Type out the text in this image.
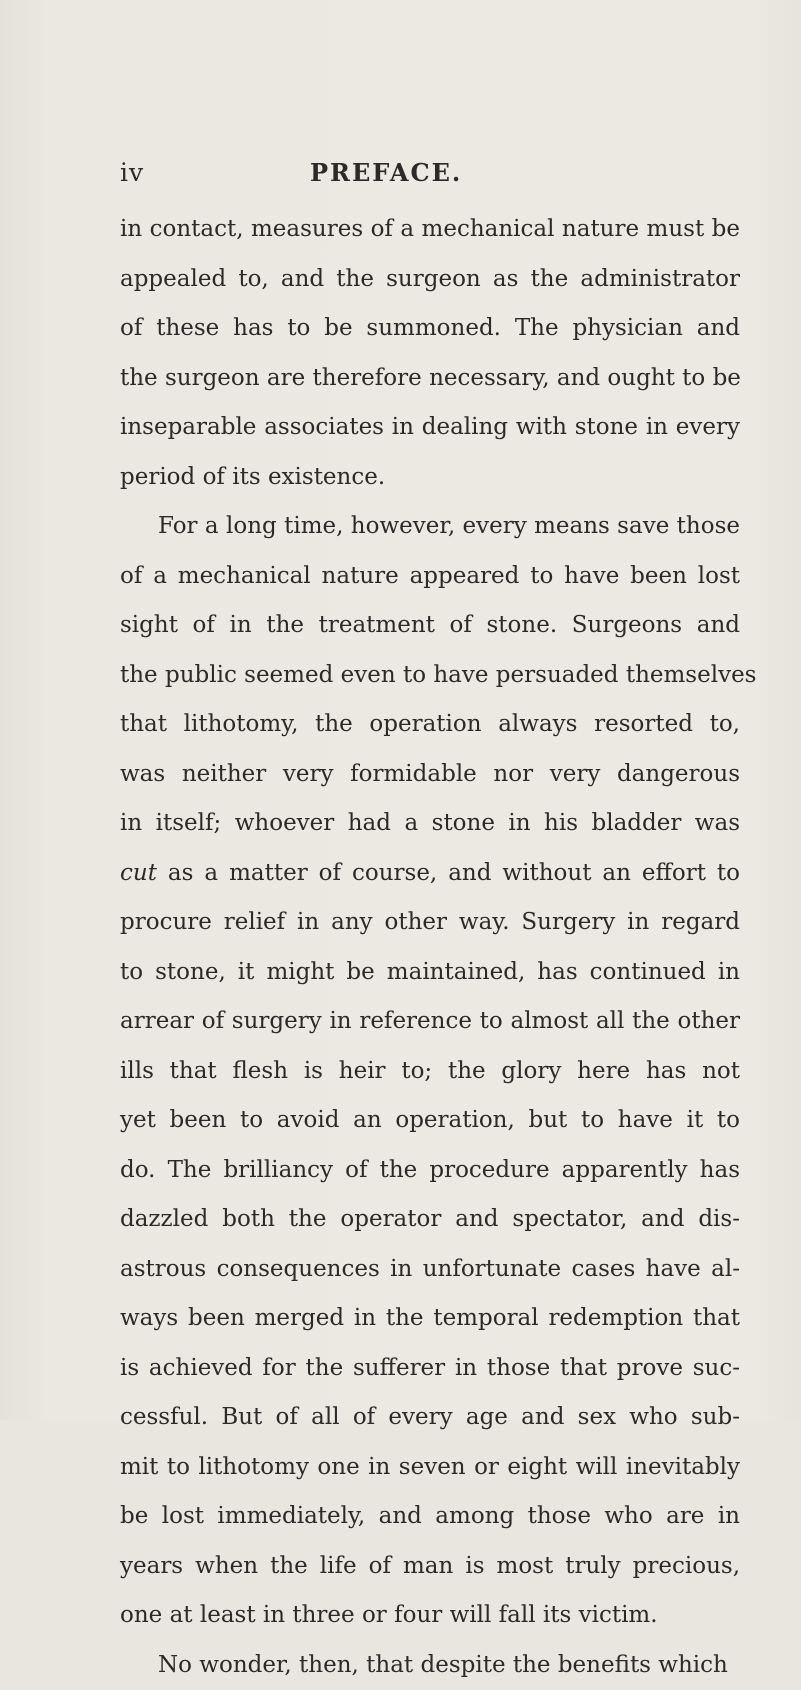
iv	PREFACE.
in contact, measures of a mechanical nature must be
appealed to, and the surgeon as the administrator
of these has to be summoned. The physician and
the surgeon are therefore necessary, and ought to be
inseparable associates in dealing with stone in every
period of its existence.
For a long time, however, every means save those
of a mechanical nature appeared to have been lost
sight of in the treatment of stone. Surgeons and
the public seemed even to have persuaded themselves
that lithotomy, the operation always resorted to,
was neither very formidable nor very dangerous
in itself; whoever had a stone in his bladder was
cut as a matter of course, and without an effort to
procure relief in any other way. Surgery in regard
to stone, it might be maintained, has continued in
arrear of surgery in reference to almost all the other
ills that flesh is heir to; the glory here has not
yet been to avoid an operation, but to have it to
do. The brilliancy of the procedure apparently has
dazzled both the operator and spectator, and dis-
astrous consequences in unfortunate cases have al-
ways been merged in the temporal redemption that
is achieved for the sufferer in those that prove suc-
cessful. But of all of every age and sex who sub-
mit to lithotomy one in seven or eight will inevitably
be lost immediately, and among those who are in
years when the life of man is most truly precious,
one at least in three or four will fall its victim.
No wonder, then, that despite the benefits which
